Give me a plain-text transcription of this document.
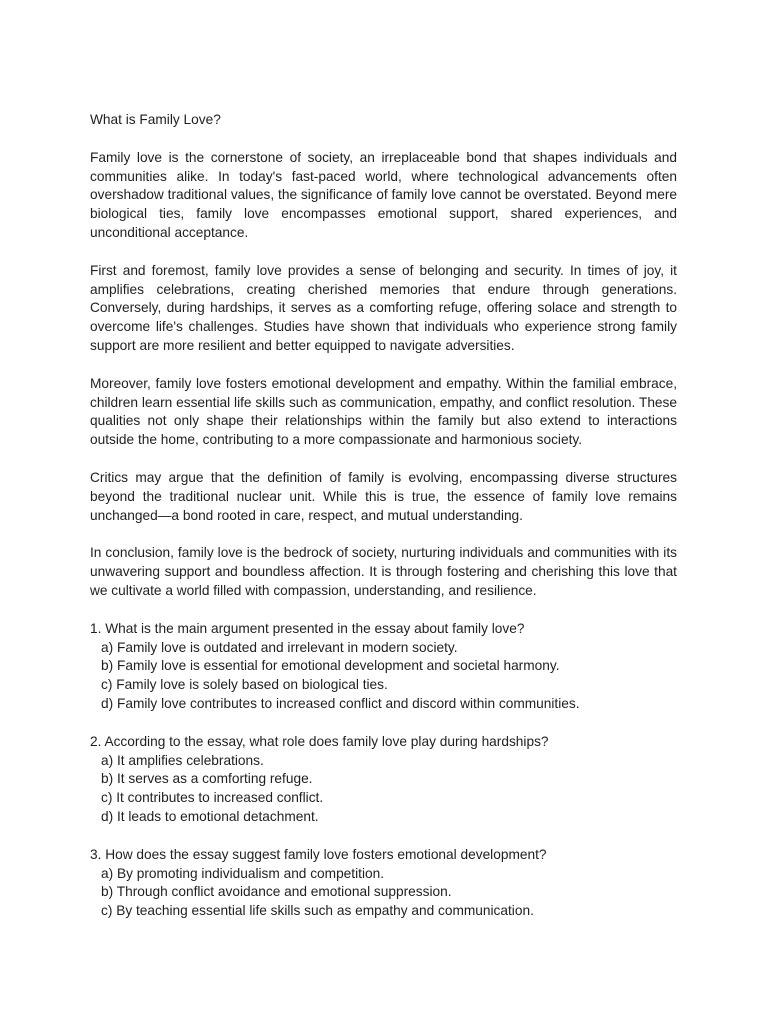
What is Family Love?

Family love is the cornerstone of society, an irreplaceable bond that shapes individuals and communities alike. In today's fast-paced world, where technological advancements often overshadow traditional values, the significance of family love cannot be overstated. Beyond mere biological ties, family love encompasses emotional support, shared experiences, and unconditional acceptance.

First and foremost, family love provides a sense of belonging and security. In times of joy, it amplifies celebrations, creating cherished memories that endure through generations. Conversely, during hardships, it serves as a comforting refuge, offering solace and strength to overcome life's challenges. Studies have shown that individuals who experience strong family support are more resilient and better equipped to navigate adversities.

Moreover, family love fosters emotional development and empathy. Within the familial embrace, children learn essential life skills such as communication, empathy, and conflict resolution. These qualities not only shape their relationships within the family but also extend to interactions outside the home, contributing to a more compassionate and harmonious society.

Critics may argue that the definition of family is evolving, encompassing diverse structures beyond the traditional nuclear unit. While this is true, the essence of family love remains unchanged—a bond rooted in care, respect, and mutual understanding.

In conclusion, family love is the bedrock of society, nurturing individuals and communities with its unwavering support and boundless affection. It is through fostering and cherishing this love that we cultivate a world filled with compassion, understanding, and resilience.

1. What is the main argument presented in the essay about family love?

a) Family love is outdated and irrelevant in modern society.
b) Family love is essential for emotional development and societal harmony.
c) Family love is solely based on biological ties.
d) Family love contributes to increased conflict and discord within communities.

2. According to the essay, what role does family love play during hardships?

a) It amplifies celebrations.
b) It serves as a comforting refuge.
c) It contributes to increased conflict.
d) It leads to emotional detachment.

3. How does the essay suggest family love fosters emotional development?

a) By promoting individualism and competition.
b) Through conflict avoidance and emotional suppression.
c) By teaching essential life skills such as empathy and communication.
